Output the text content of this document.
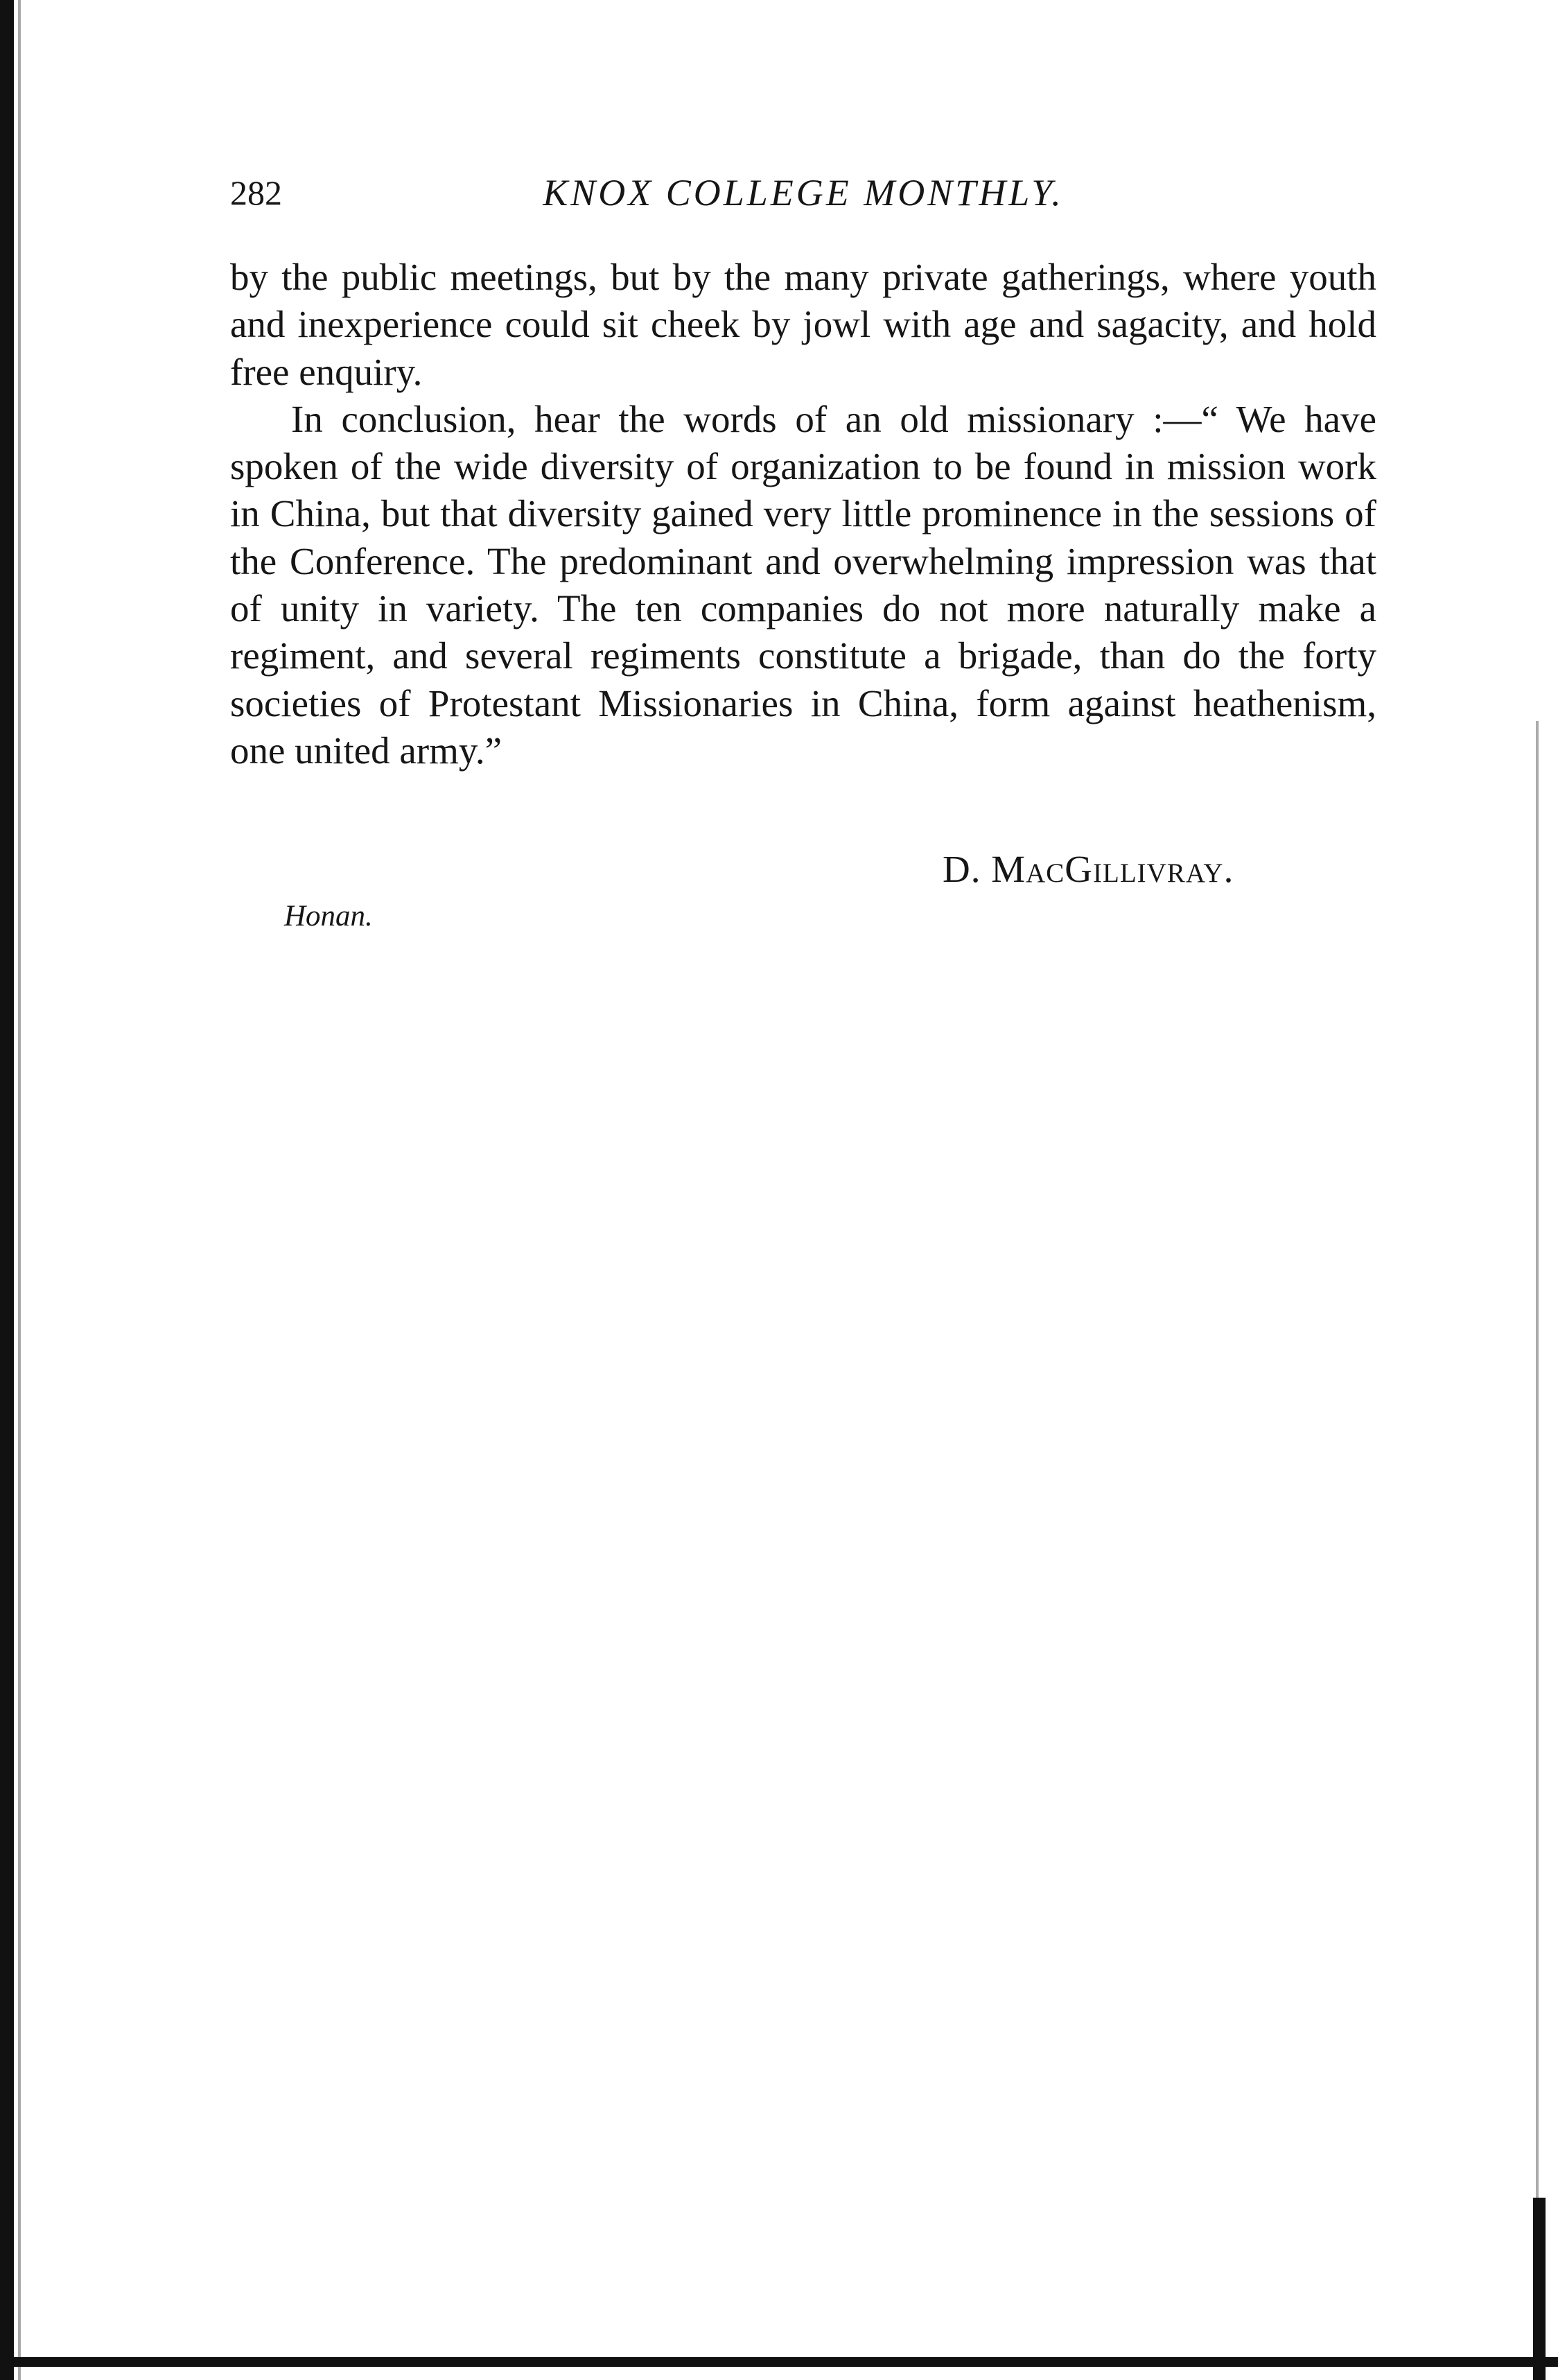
282	KNOX COLLEGE MONTHLY.

by the public meetings, but by the many private gatherings, where youth and inexperience could sit cheek by jowl with age and sagacity, and hold free enquiry.

In conclusion, hear the words of an old missionary :—“ We have spoken of the wide diversity of organization to be found in mission work in China, but that diversity gained very little prominence in the sessions of the Conference. The predominant and overwhelming impression was that of unity in variety. The ten companies do not more naturally make a regiment, and several regiments constitute a brigade, than do the forty societies of Protestant Missionaries in China, form against heathenism, one united army.”

D. MacGillivray.
Honan.
